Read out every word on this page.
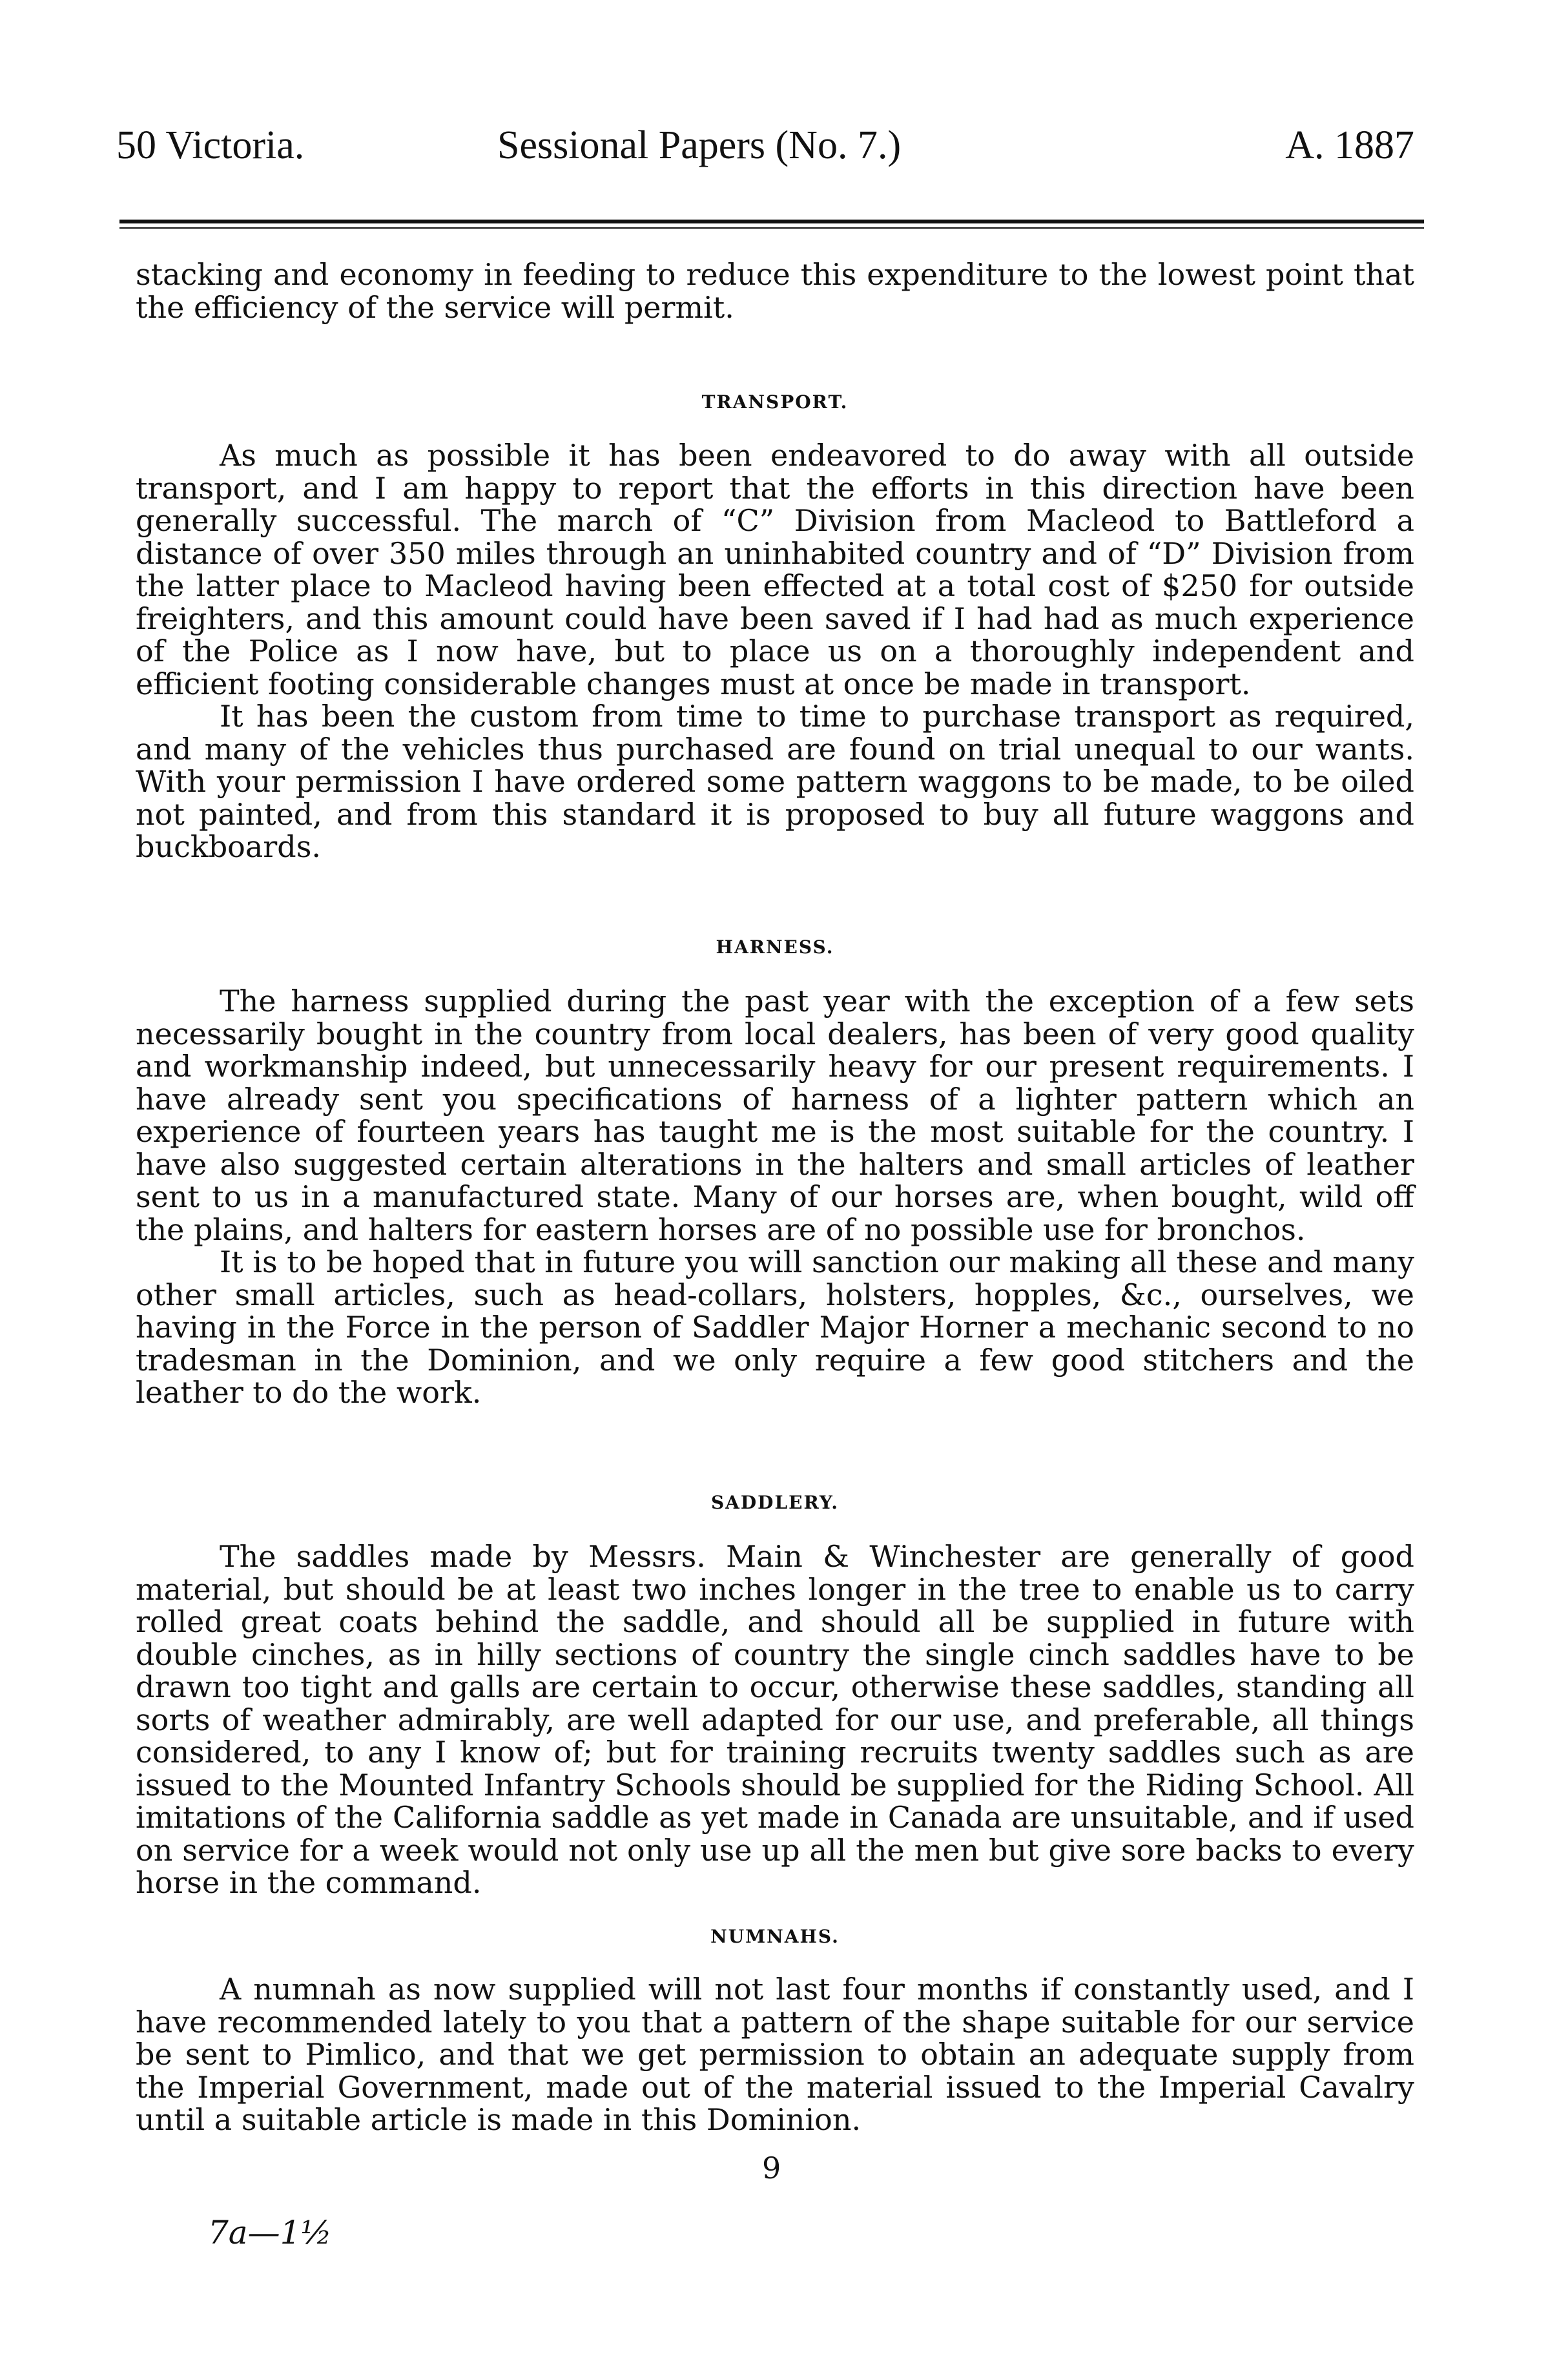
50 Victoria.	Sessional Papers (No. 7.)	A. 1887

stacking and economy in feeding to reduce this expenditure to the lowest point that the efficiency of the service will permit.

TRANSPORT.

As much as possible it has been endeavored to do away with all outside transport, and I am happy to report that the efforts in this direction have been generally successful. The march of “C” Division from Macleod to Battleford a distance of over 350 miles through an uninhabited country and of “D” Division from the latter place to Macleod having been effected at a total cost of $250 for outside freighters, and this amount could have been saved if I had had as much experience of the Police as I now have, but to place us on a thoroughly independent and efficient footing considerable changes must at once be made in transport.

It has been the custom from time to time to purchase transport as required, and many of the vehicles thus purchased are found on trial unequal to our wants. With your permission I have ordered some pattern waggons to be made, to be oiled not painted, and from this standard it is proposed to buy all future waggons and buckboards.

HARNESS.

The harness supplied during the past year with the exception of a few sets necessarily bought in the country from local dealers, has been of very good quality and workmanship indeed, but unnecessarily heavy for our present requirements. I have already sent you specifications of harness of a lighter pattern which an experience of fourteen years has taught me is the most suitable for the country. I have also suggested certain alterations in the halters and small articles of leather sent to us in a manufactured state. Many of our horses are, when bought, wild off the plains, and halters for eastern horses are of no possible use for bronchos.

It is to be hoped that in future you will sanction our making all these and many other small articles, such as head-collars, holsters, hopples, &c., ourselves, we having in the Force in the person of Saddler Major Horner a mechanic second to no tradesman in the Dominion, and we only require a few good stitchers and the leather to do the work.

SADDLERY.

The saddles made by Messrs. Main & Winchester are generally of good material, but should be at least two inches longer in the tree to enable us to carry rolled great coats behind the saddle, and should all be supplied in future with double cinches, as in hilly sections of country the single cinch saddles have to be drawn too tight and galls are certain to occur, otherwise these saddles, standing all sorts of weather admirably, are well adapted for our use, and preferable, all things considered, to any I know of; but for training recruits twenty saddles such as are issued to the Mounted Infantry Schools should be supplied for the Riding School. All imitations of the California saddle as yet made in Canada are unsuitable, and if used on service for a week would not only use up all the men but give sore backs to every horse in the command.

NUMNAHS.

A numnah as now supplied will not last four months if constantly used, and I have recommended lately to you that a pattern of the shape suitable for our service be sent to Pimlico, and that we get permission to obtain an adequate supply from the Imperial Government, made out of the material issued to the Imperial Cavalry until a suitable article is made in this Dominion.

9
7a—1½
